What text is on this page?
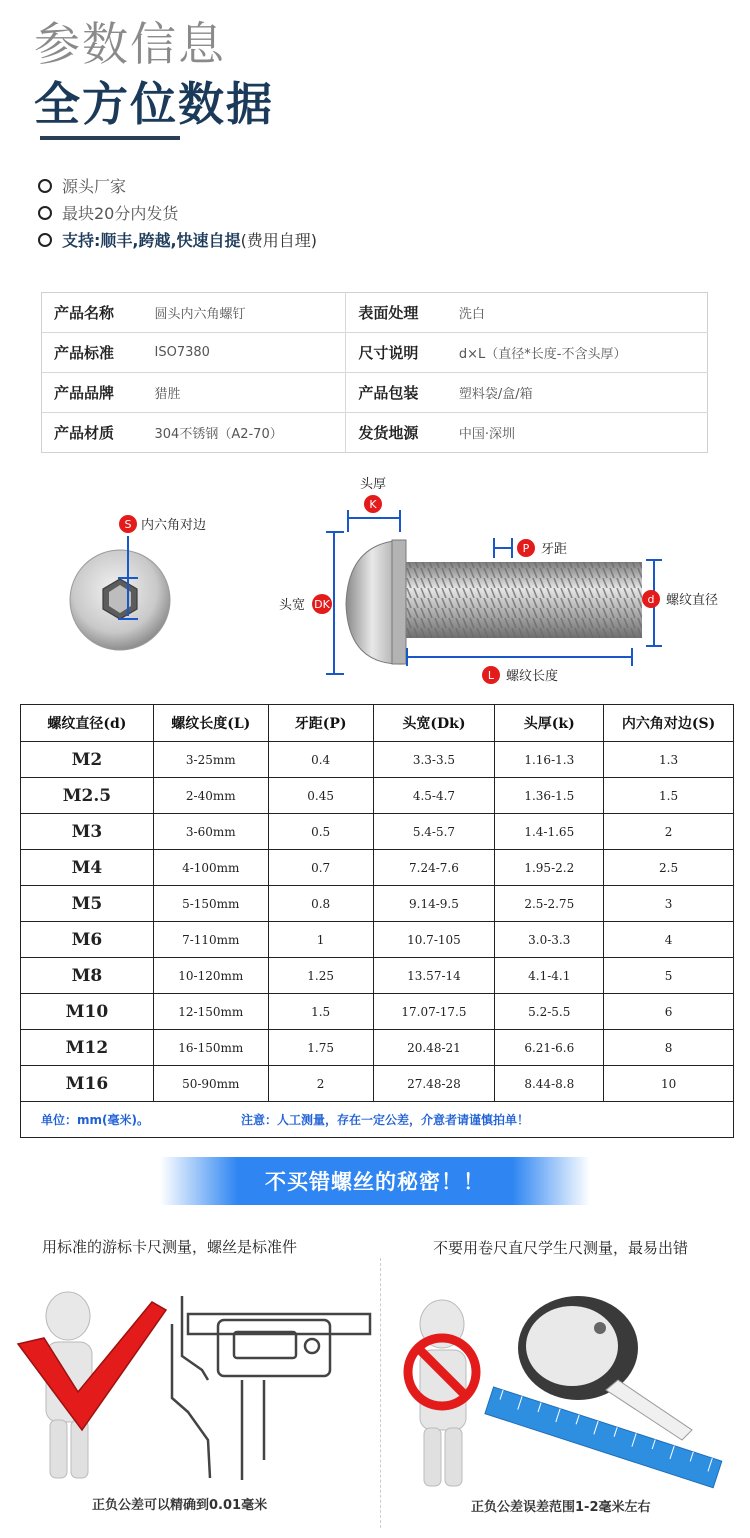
参数信息
全方位数据
源头厂家
最块20分内发货
支持:顺丰,跨越,快速自提 (费用自理)
产品名称	圆头内六角螺钉	表面处理	洗白
产品标准	ISO7380	尺寸说明	d×L（直径*长度-不含头厚）
产品品牌	猎胜	产品包装	塑料袋/盒/箱
产品材质	304不锈钢（A2-70）	发货地源	中国·深圳
S 内六角对边
头厚
K
P 牙距
头宽 DK	d 螺纹直径
L 螺纹长度
螺纹直径(d)	螺纹长度(L)	牙距(P)	头宽(Dk)	头厚(k)	内六角对边(S)
M2	3-25mm	0.4	3.3-3.5	1.16-1.3	1.3
M2.5	2-40mm	0.45	4.5-4.7	1.36-1.5	1.5
M3	3-60mm	0.5	5.4-5.7	1.4-1.65	2
M4	4-100mm	0.7	7.24-7.6	1.95-2.2	2.5
M5	5-150mm	0.8	9.14-9.5	2.5-2.75	3
M6	7-110mm	1	10.7-105	3.0-3.3	4
M8	10-120mm	1.25	13.57-14	4.1-4.1	5
M10	12-150mm	1.5	17.07-17.5	5.2-5.5	6
M12	16-150mm	1.75	20.48-21	6.21-6.6	8
M16	50-90mm	2	27.48-28	8.44-8.8	10
单位：mm(毫米)。 注意：人工测量，存在一定公差，介意者请谨慎拍单！					
不买错螺丝的秘密！！
用标准的游标卡尺测量，螺丝是标准件	不要用卷尺直尺学生尺测量，最易出错
正负公差可以精确到0.01毫米	正负公差误差范围1-2毫米左右
